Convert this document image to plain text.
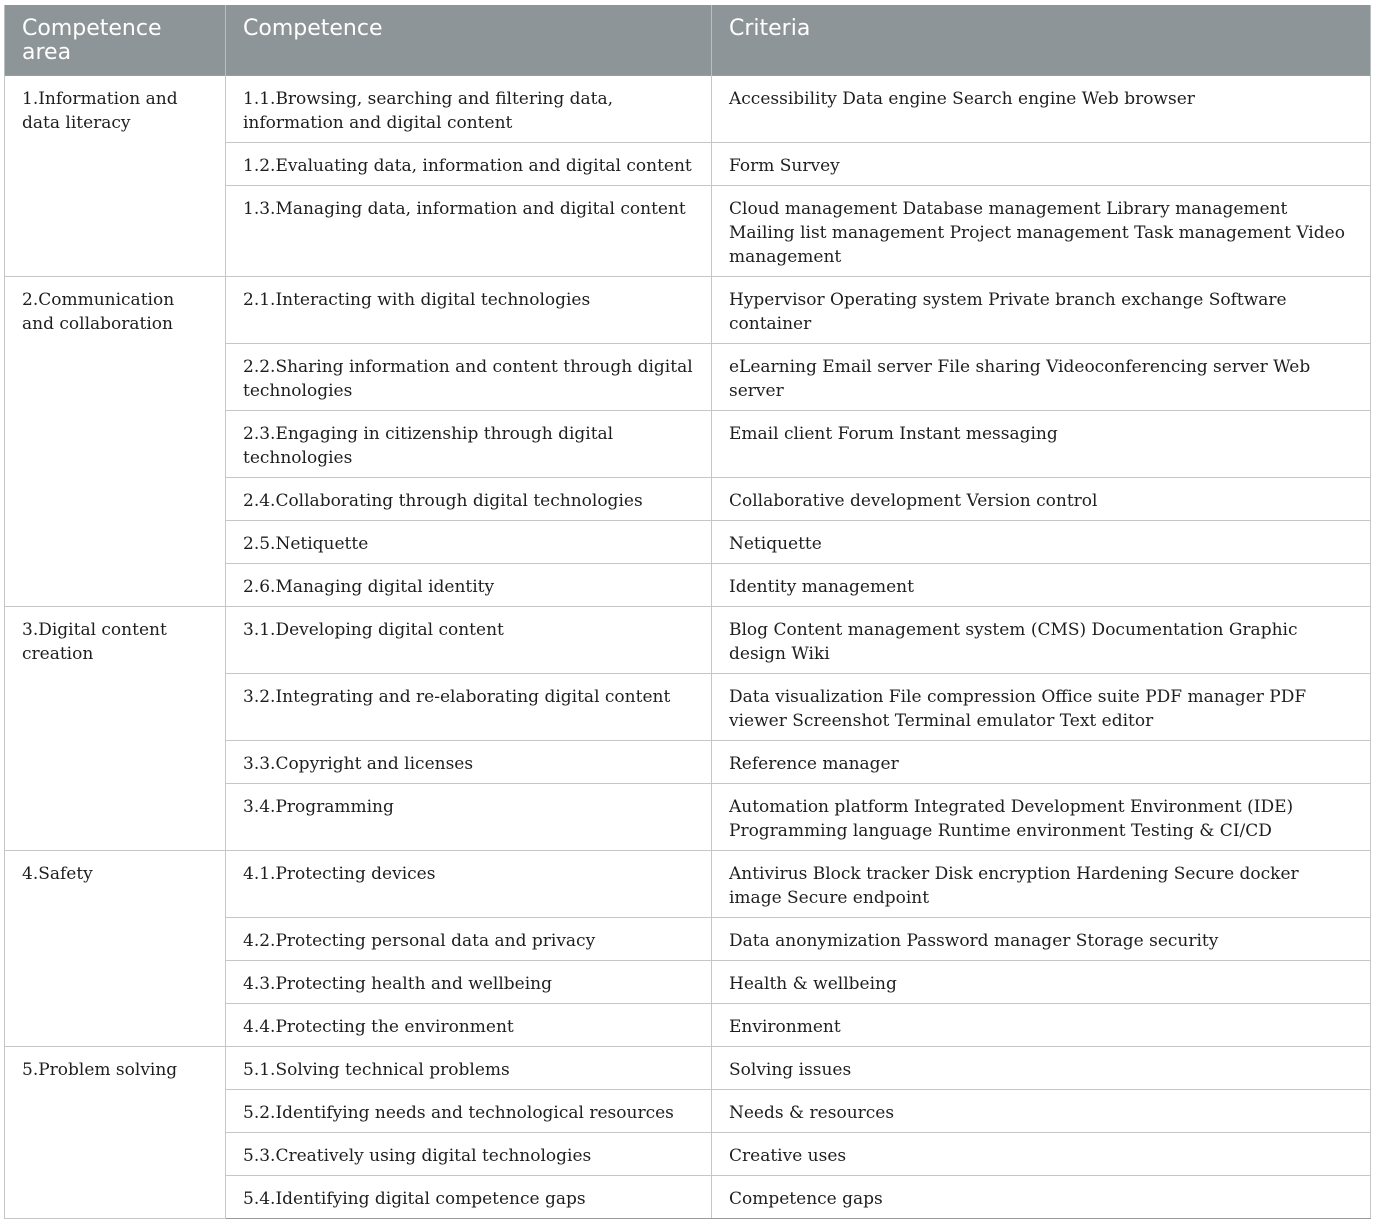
Competence area	Competence	Criteria
1.Information and data literacy	1.1.Browsing, searching and filtering data, information and digital content	Accessibility Data engine Search engine Web browser
	1.2.Evaluating data, information and digital content	Form Survey
	1.3.Managing data, information and digital content	Cloud management Database management Library management Mailing list management Project management Task management Video management
2.Communication and collaboration	2.1.Interacting with digital technologies	Hypervisor Operating system Private branch exchange Software container
	2.2.Sharing information and content through digital technologies	eLearning Email server File sharing Videoconferencing server Web server
	2.3.Engaging in citizenship through digital technologies	Email client Forum Instant messaging
	2.4.Collaborating through digital technologies	Collaborative development Version control
	2.5.Netiquette	Netiquette
	2.6.Managing digital identity	Identity management
3.Digital content creation	3.1.Developing digital content	Blog Content management system (CMS) Documentation Graphic design Wiki
	3.2.Integrating and re-elaborating digital content	Data visualization File compression Office suite PDF manager PDF viewer Screenshot Terminal emulator Text editor
	3.3.Copyright and licenses	Reference manager
	3.4.Programming	Automation platform Integrated Development Environment (IDE) Programming language Runtime environment Testing & CI/CD
4.Safety	4.1.Protecting devices	Antivirus Block tracker Disk encryption Hardening Secure docker image Secure endpoint
	4.2.Protecting personal data and privacy	Data anonymization Password manager Storage security
	4.3.Protecting health and wellbeing	Health & wellbeing
	4.4.Protecting the environment	Environment
5.Problem solving	5.1.Solving technical problems	Solving issues
	5.2.Identifying needs and technological resources	Needs & resources
	5.3.Creatively using digital technologies	Creative uses
	5.4.Identifying digital competence gaps	Competence gaps
